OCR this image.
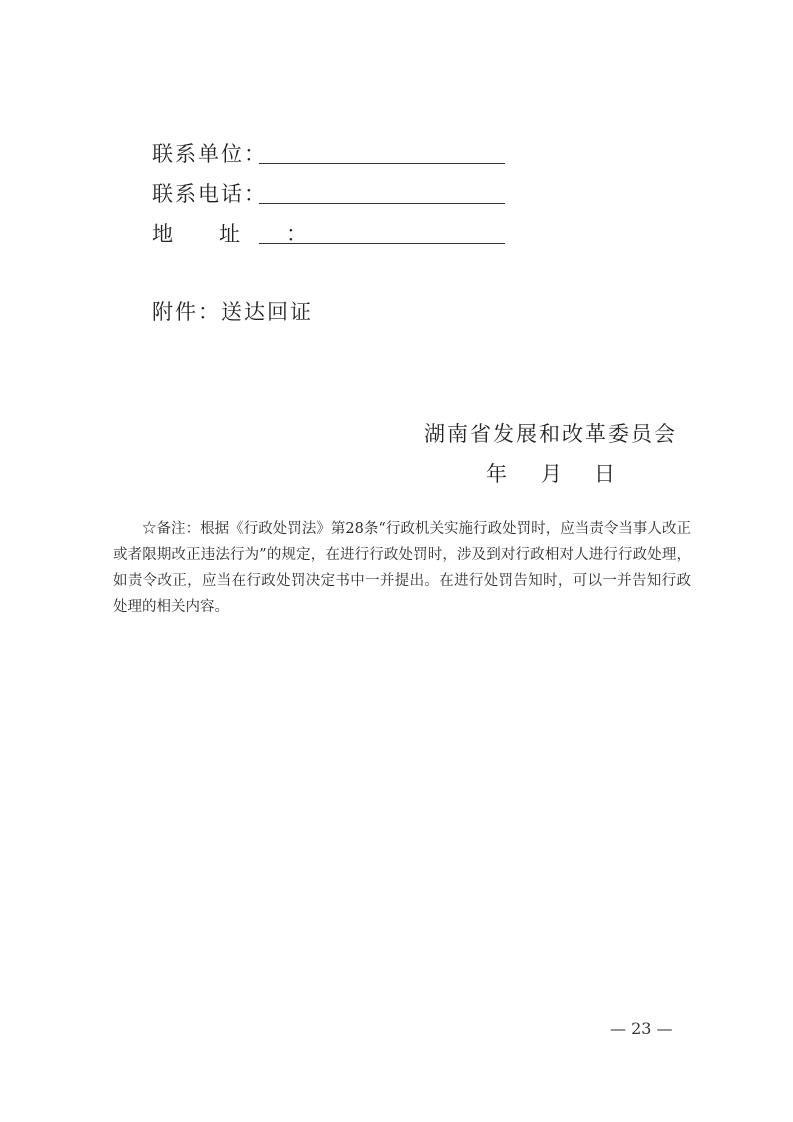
联系单位：
联系电话：
地址：
附件：送达回证
湖南省发展和改革委员会
年 月 日
☆备注：根据《行政处罚法》第28条“行政机关实施行政处罚时，应当责令当事人改正或者限期改正违法行为”的规定，在进行行政处罚时，涉及到对行政相对人进行行政处理，如责令改正，应当在行政处罚决定书中一并提出。在进行处罚告知时，可以一并告知行政处理的相关内容。
— 23 —
